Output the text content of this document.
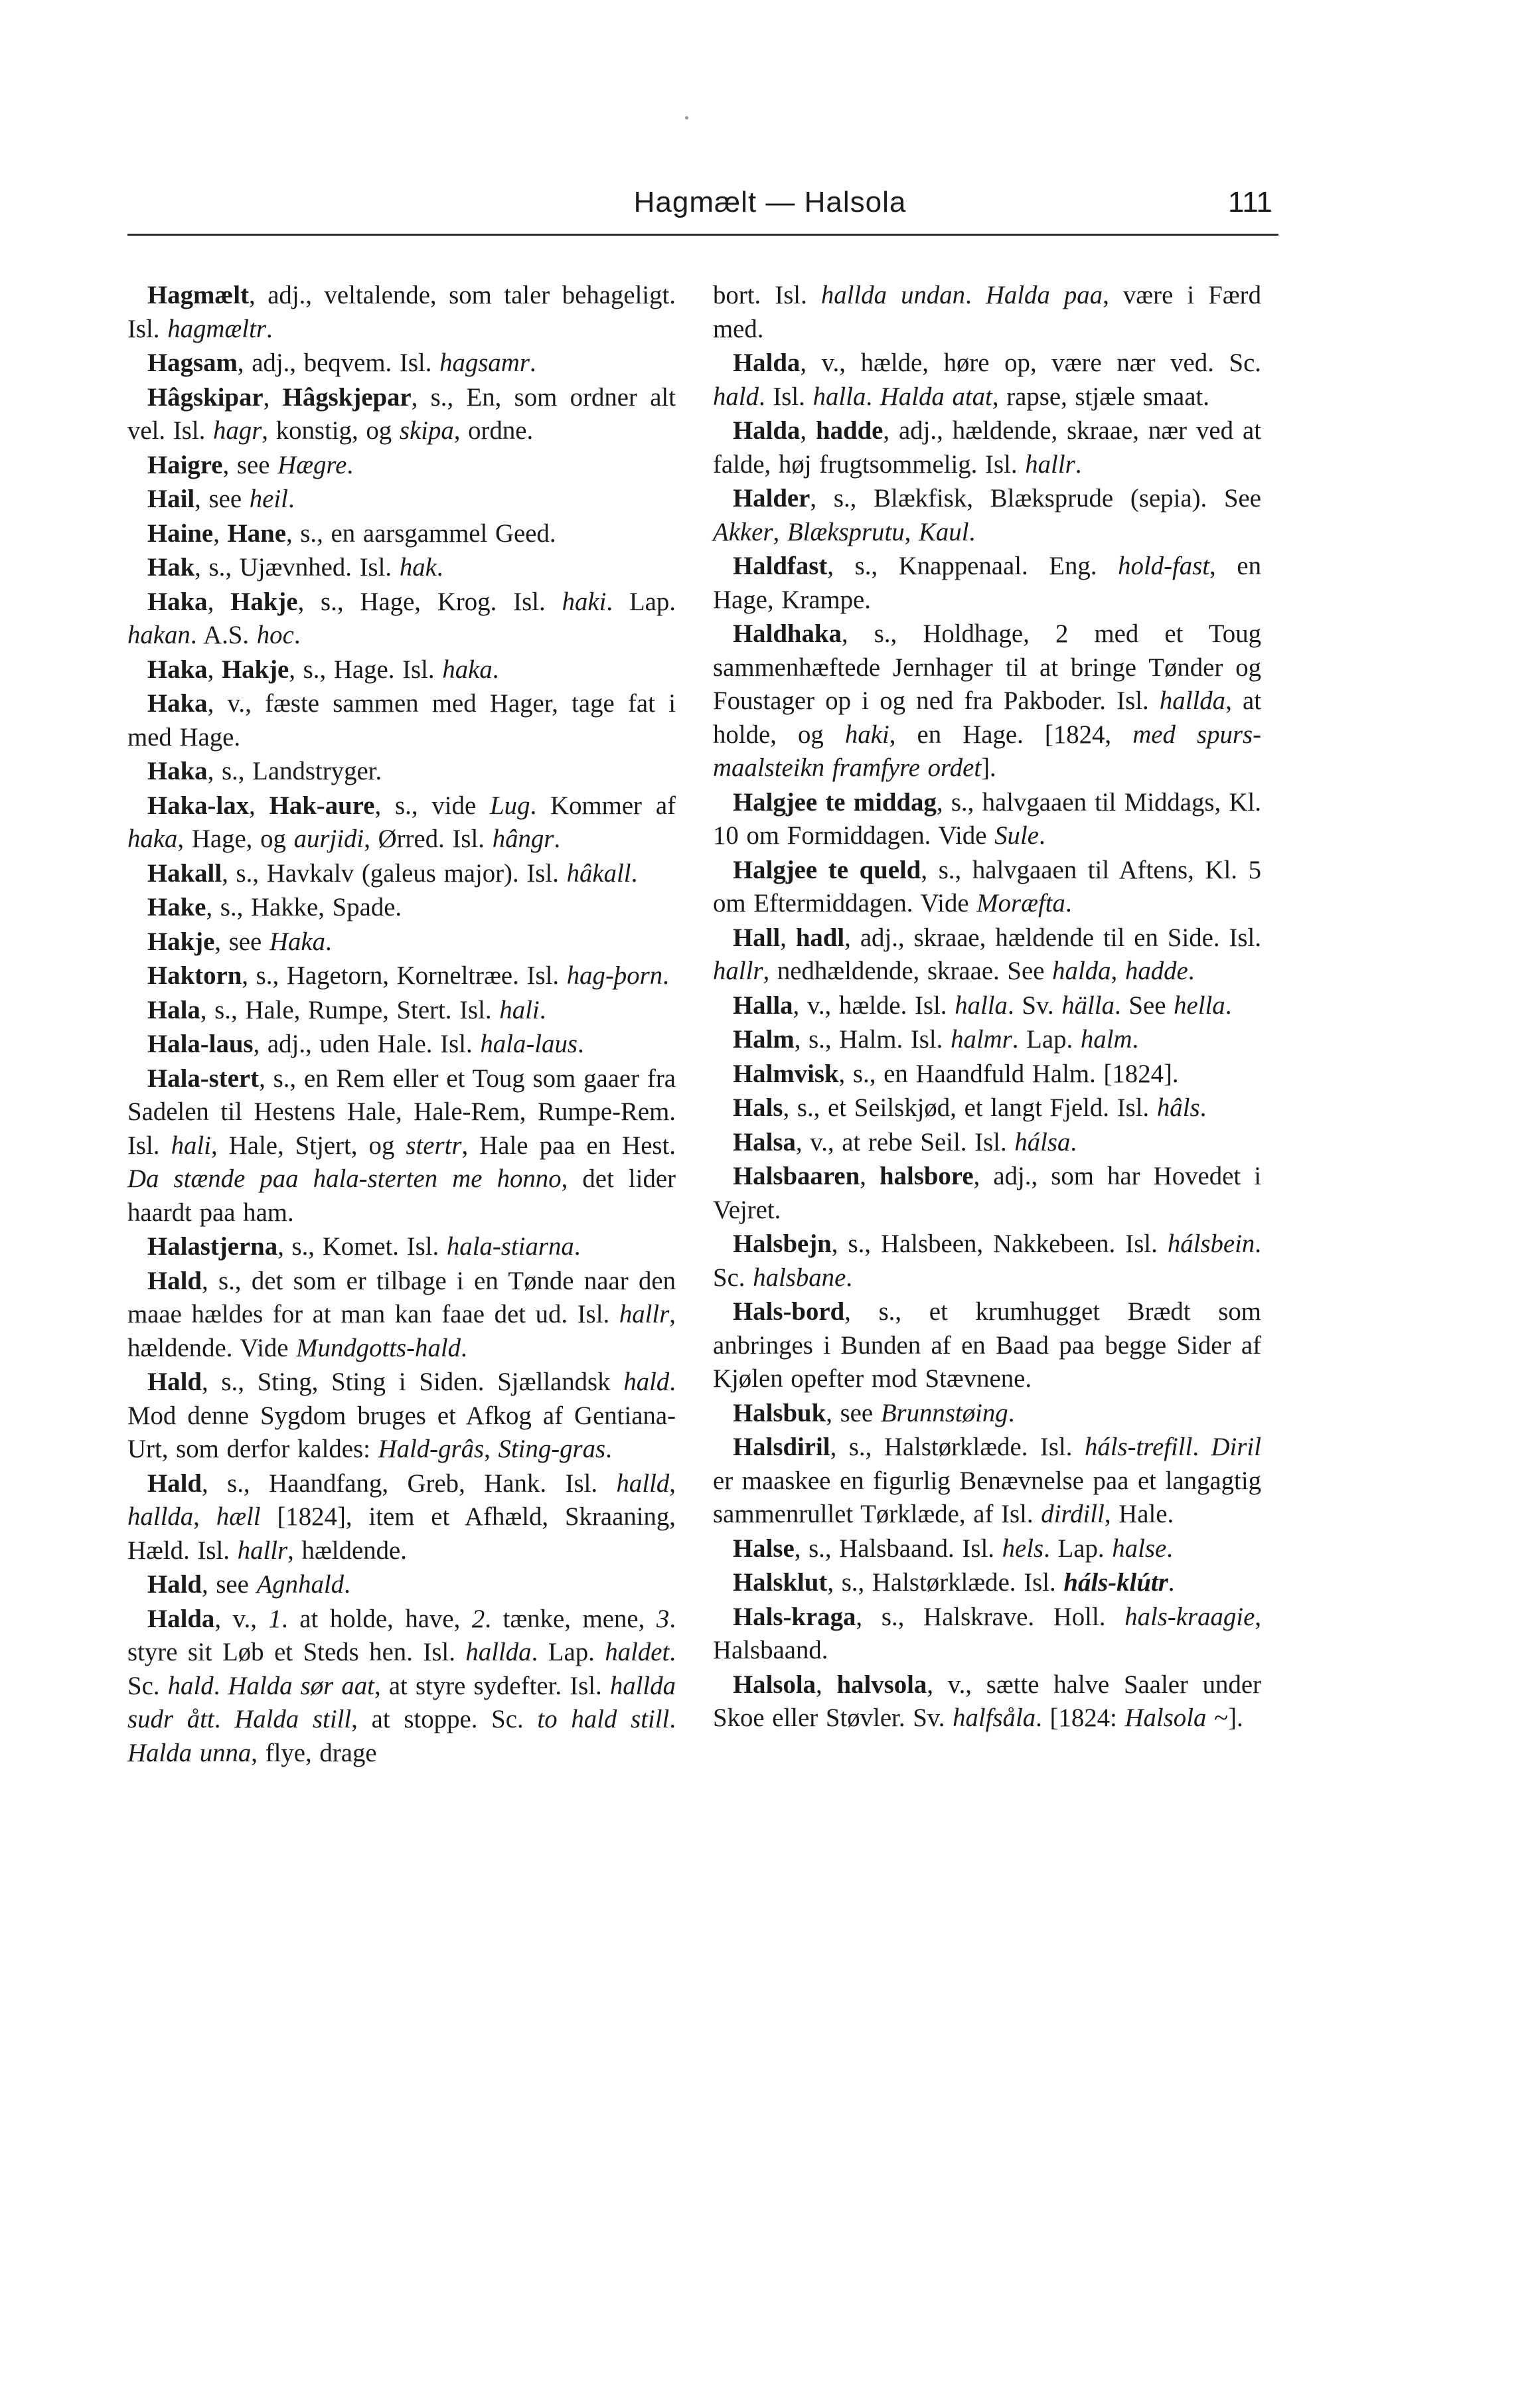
Hagmælt — Halsola	111

Hagmælt, adj., veltalende, som taler behageligt. Isl. hagmæltr.

Hagsam, adj., beqvem. Isl. hagsamr.

Hâgskipar, Hâgskjepar, s., En, som ordner alt vel. Isl. hagr, konstig, og skipa, ordne.

Haigre, see Hægre.

Hail, see heil.

Haine, Hane, s., en aarsgammel Geed.

Hak, s., Ujævnhed. Isl. hak.

Haka, Hakje, s., Hage, Krog. Isl. haki. Lap. hakan. A.S. hoc.

Haka, Hakje, s., Hage. Isl. haka.

Haka, v., fæste sammen med Hager, tage fat i med Hage.

Haka, s., Landstryger.

Haka-lax, Hak-aure, s., vide Lug. Kommer af haka, Hage, og aurjidi, Ørred. Isl. hângr.

Hakall, s., Havkalv (galeus major). Isl. hâkall.

Hake, s., Hakke, Spade.

Hakje, see Haka.

Haktorn, s., Hagetorn, Korneltræe. Isl. hag-þorn.

Hala, s., Hale, Rumpe, Stert. Isl. hali.

Hala-laus, adj., uden Hale. Isl. hala-laus.

Hala-stert, s., en Rem eller et Toug som gaaer fra Sadelen til Hestens Hale, Hale-Rem, Rumpe-Rem. Isl. hali, Hale, Stjert, og stertr, Hale paa en Hest. Da stænde paa hala-sterten me honno, det lider haardt paa ham.

Halastjerna, s., Komet. Isl. hala-stiarna.

Hald, s., det som er tilbage i en Tønde naar den maae hældes for at man kan faae det ud. Isl. hallr, hældende. Vide Mundgotts-hald.

Hald, s., Sting, Sting i Siden. Sjællandsk hald. Mod denne Sygdom bruges et Afkog af Gentiana-Urt, som derfor kaldes: Hald-grâs, Sting-gras.

Hald, s., Haandfang, Greb, Hank. Isl. halld, hallda, hæll [1824], item et Afhæld, Skraaning, Hæld. Isl. hallr, hældende.

Hald, see Agnhald.

Halda, v., 1. at holde, have, 2. tænke, mene, 3. styre sit Løb et Steds hen. Isl. hallda. Lap. haldet. Sc. hald. Halda sør aat, at styre sydefter. Isl. hallda sudr ått. Halda still, at stoppe. Sc. to hald still. Halda unna, flye, drage

bort. Isl. hallda undan. Halda paa, være i Færd med.

Halda, v., hælde, høre op, være nær ved. Sc. hald. Isl. halla. Halda atat, rapse, stjæle smaat.

Halda, hadde, adj., hældende, skraae, nær ved at falde, høj frugtsommelig. Isl. hallr.

Halder, s., Blækfisk, Blæksprude (sepia). See Akker, Blæksprutu, Kaul.

Haldfast, s., Knappenaal. Eng. hold-fast, en Hage, Krampe.

Haldhaka, s., Holdhage, 2 med et Toug sammenhæftede Jernhager til at bringe Tønder og Foustager op i og ned fra Pakboder. Isl. hallda, at holde, og haki, en Hage. [1824, med spurs-maalsteikn framfyre ordet].

Halgjee te middag, s., halvgaaen til Middags, Kl. 10 om Formiddagen. Vide Sule.

Halgjee te queld, s., halvgaaen til Aftens, Kl. 5 om Eftermiddagen. Vide Moræfta.

Hall, hadl, adj., skraae, hældende til en Side. Isl. hallr, nedhældende, skraae. See halda, hadde.

Halla, v., hælde. Isl. halla. Sv. hälla. See hella.

Halm, s., Halm. Isl. halmr. Lap. halm.

Halmvisk, s., en Haandfuld Halm. [1824].

Hals, s., et Seilskjød, et langt Fjeld. Isl. hâls.

Halsa, v., at rebe Seil. Isl. hálsa.

Halsbaaren, halsbore, adj., som har Hovedet i Vejret.

Halsbejn, s., Halsbeen, Nakkebeen. Isl. hálsbein. Sc. halsbane.

Hals-bord, s., et krumhugget Brædt som anbringes i Bunden af en Baad paa begge Sider af Kjølen opefter mod Stævnene.

Halsbuk, see Brunnstøing.

Halsdiril, s., Halstørklæde. Isl. háls-trefill. Diril er maaskee en figurlig Benævnelse paa et langagtig sammenrullet Tørklæde, af Isl. dirdill, Hale.

Halse, s., Halsbaand. Isl. hels. Lap. halse.

Halsklut, s., Halstørklæde. Isl. háls-klútr.

Hals-kraga, s., Halskrave. Holl. hals-kraagie, Halsbaand.

Halsola, halvsola, v., sætte halve Saaler under Skoe eller Støvler. Sv. halfsåla. [1824: Halsola ~].
